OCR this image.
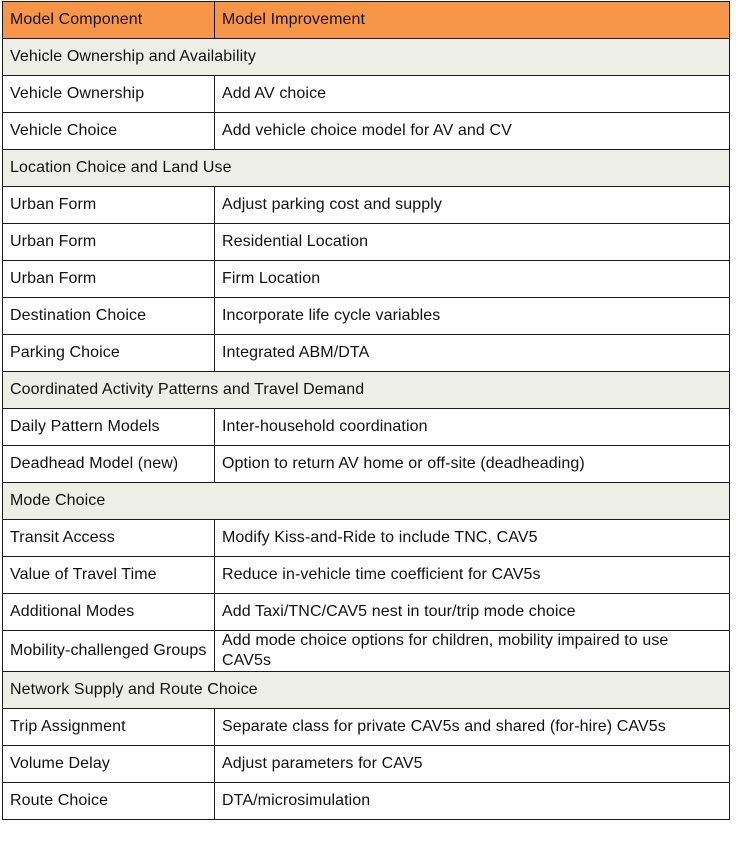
Model Component	Model Improvement
Vehicle Ownership and Availability	
Vehicle Ownership	Add AV choice
Vehicle Choice	Add vehicle choice model for AV and CV
Location Choice and Land Use	
Urban Form	Adjust parking cost and supply
Urban Form	Residential Location
Urban Form	Firm Location
Destination Choice	Incorporate life cycle variables
Parking Choice	Integrated ABM/DTA
Coordinated Activity Patterns and Travel Demand	
Daily Pattern Models	Inter-household coordination
Deadhead Model (new)	Option to return AV home or off-site (deadheading)
Mode Choice	
Transit Access	Modify Kiss-and-Ride to include TNC, CAV5
Value of Travel Time	Reduce in-vehicle time coefficient for CAV5s
Additional Modes	Add Taxi/TNC/CAV5 nest in tour/trip mode choice
Mobility-challenged Groups	Add mode choice options for children, mobility impaired to use CAV5s
Network Supply and Route Choice	
Trip Assignment	Separate class for private CAV5s and shared (for-hire) CAV5s
Volume Delay	Adjust parameters for CAV5
Route Choice	DTA/microsimulation
